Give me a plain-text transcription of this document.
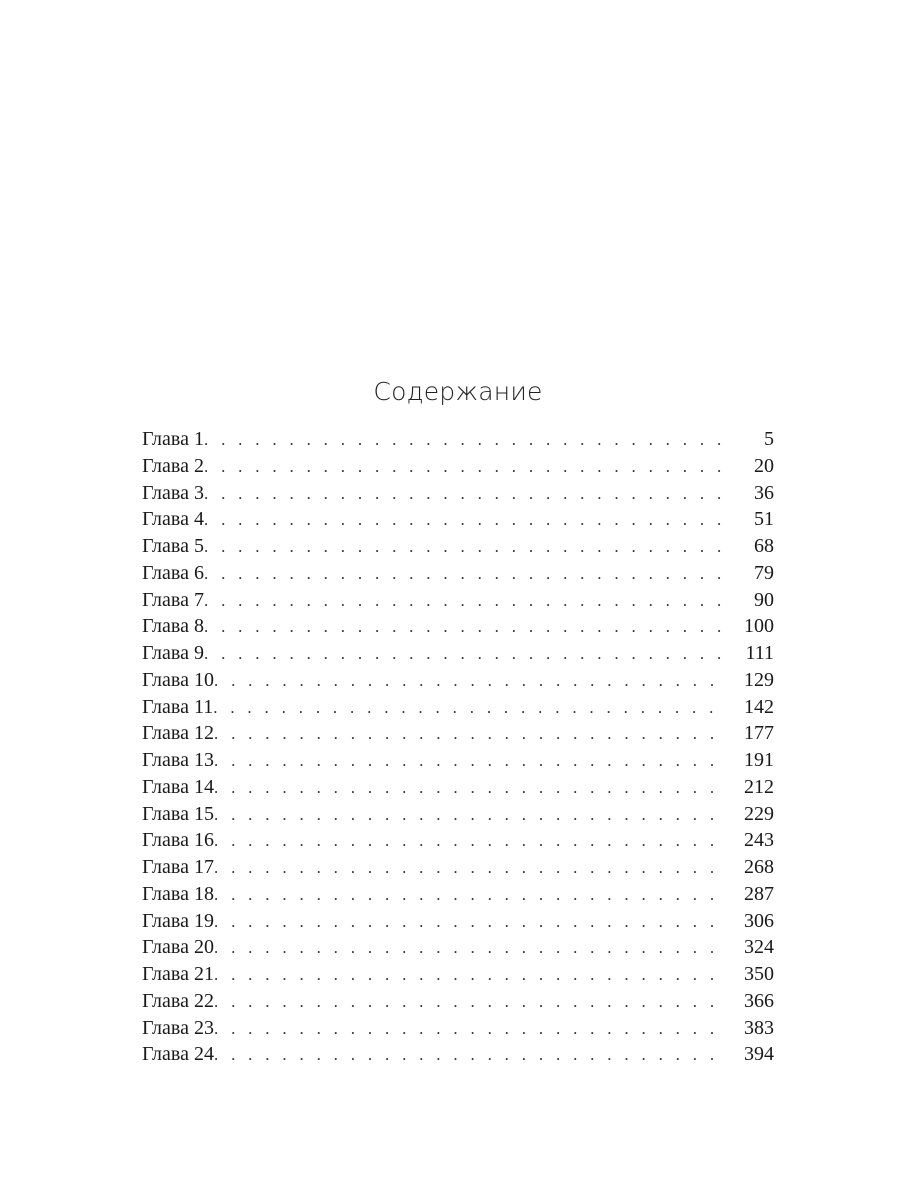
Содержание
Глава 1 . . .	5
Глава 2 . . .	20
Глава 3 . . .	36
Глава 4 . . .	51
Глава 5 . . .	68
Глава 6 . . .	79
Глава 7 . . .	90
Глава 8 . . .	100
Глава 9 . . .	111
Глава 10 . . .	129
Глава 11 . . .	142
Глава 12 . . .	177
Глава 13 . . .	191
Глава 14 . . .	212
Глава 15 . . .	229
Глава 16 . . .	243
Глава 17 . . .	268
Глава 18 . . .	287
Глава 19 . . .	306
Глава 20 . . .	324
Глава 21 . . .	350
Глава 22 . . .	366
Глава 23 . . .	383
Глава 24 . . .	394
